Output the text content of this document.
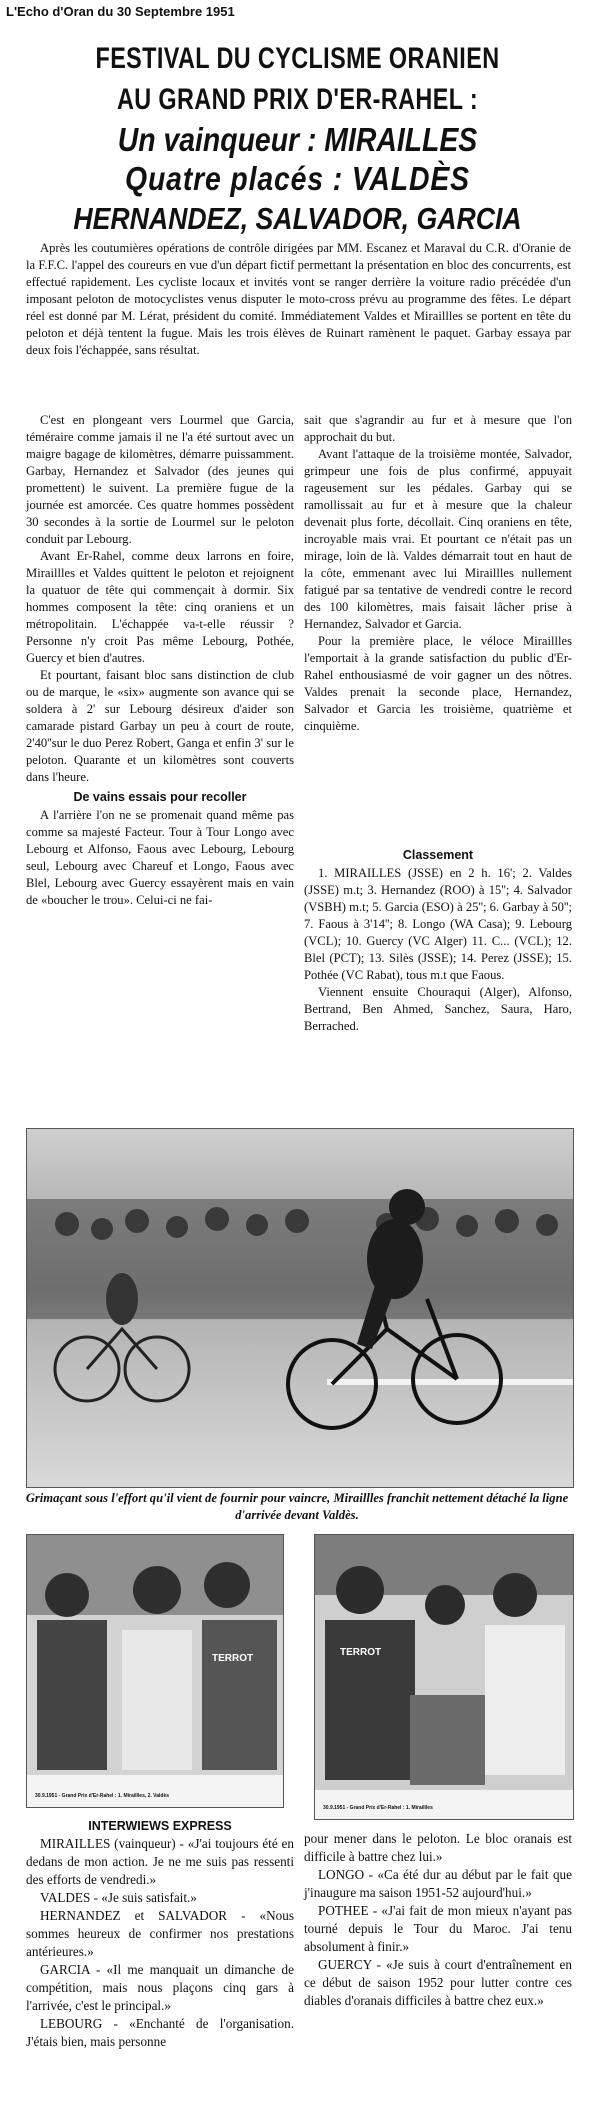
L'Echo d'Oran du 30 Septembre 1951
FESTIVAL DU CYCLISME ORANIEN
AU GRAND PRIX D'ER-RAHEL :
Un vainqueur : MIRAILLES
Quatre placés : VALDÈS
HERNANDEZ, SALVADOR, GARCIA

Après les coutumières opérations de contrôle dirigées par MM. Escanez et Maraval du C.R. d'Oranie de la F.F.C. l'appel des coureurs en vue d'un départ fictif permettant la présentation en bloc des concurrents, est effectué rapidement. Les cycliste locaux et invités vont se ranger derrière la voiture radio précédée d'un imposant peloton de motocyclistes venus disputer le moto-cross prévu au programme des fêtes. Le départ réel est donné par M. Lérat, président du comité. Immédiatement Valdes et Miraillles se portent en tête du peloton et déjà tentent la fugue. Mais les trois élèves de Ruinart ramènent le paquet. Garbay essaya par deux fois l'échappée, sans résultat.

C'est en plongeant vers Lourmel que Garcia, téméraire comme jamais il ne l'a été surtout avec un maigre bagage de kilomètres, démarre puissamment. Garbay, Hernandez et Salvador (des jeunes qui promettent) le suivent. La première fugue de la journée est amorcée. Ces quatre hommes possèdent 30 secondes à la sortie de Lourmel sur le peloton conduit par Lebourg.

Avant Er-Rahel, comme deux larrons en foire, Miraillles et Valdes quittent le peloton et rejoignent la quatuor de tête qui commençait à dormir. Six hommes composent la tête: cinq oraniens et un métropolitain. L'échappée va-t-elle réussir ? Personne n'y croit Pas même Lebourg, Pothée, Guercy et bien d'autres.

Et pourtant, faisant bloc sans distinction de club ou de marque, le «six» augmente son avance qui se soldera à 2' sur Lebourg désireux d'aider son camarade pistard Garbay un peu à court de route, 2'40''sur le duo Perez Robert, Ganga et enfin 3' sur le peloton. Quarante et un kilomètres sont couverts dans l'heure.

De vains essais pour recoller

A l'arrière l'on ne se promenait quand même pas comme sa majesté Facteur. Tour à Tour Longo avec Lebourg et Alfonso, Faous avec Lebourg, Lebourg seul, Lebourg avec Chareuf et Longo, Faous avec Blel, Lebourg avec Guercy essayèrent mais en vain de «boucher le trou». Celui-ci ne fai-

sait que s'agrandir au fur et à mesure que l'on approchait du but.

Avant l'attaque de la troisième montée, Salvador, grimpeur une fois de plus confirmé, appuyait rageusement sur les pédales. Garbay qui se ramollissait au fur et à mesure que la chaleur devenait plus forte, décollait. Cinq oraniens en tête, incroyable mais vrai. Et pourtant ce n'était pas un mirage, loin de là. Valdes démarrait tout en haut de la côte, emmenant avec lui Miraillles nullement fatigué par sa tentative de vendredi contre le record des 100 kilomètres, mais faisait lâcher prise à Hernandez, Salvador et Garcia.

Pour la première place, le véloce Miraillles l'emportait à la grande satisfaction du public d'Er-Rahel enthousiasmé de voir gagner un des nôtres. Valdes prenait la seconde place, Hernandez, Salvador et Garcia les troisième, quatrième et cinquième.

Classement

1. MIRAILLES (JSSE) en 2 h. 16'; 2. Valdes (JSSE) m.t; 3. Hernandez (ROO) à 15''; 4. Salvador (VSBH) m.t; 5. Garcia (ESO) à 25''; 6. Garbay à 50''; 7. Faous à 3'14''; 8. Longo (WA Casa); 9. Lebourg (VCL); 10. Guercy (VC Alger) 11. C... (VCL); 12. Blel (PCT); 13. Silès (JSSE); 14. Perez (JSSE); 15. Pothée (VC Rabat), tous m.t que Faous.

Viennent ensuite Chouraqui (Alger), Alfonso, Bertrand, Ben Ahmed, Sanchez, Saura, Haro, Berrached.

Grimaçant sous l'effort qu'il vient de fournir pour vaincre, Miraillles franchit nettement détaché la ligne d'arrivée devant Valdès.
30.9.1951 - Grand Prix d'Er-Rahel : 1. Miraillles, 2. Valdès
TERROT
30.9.1951 - Grand Prix d'Er-Rahel : 1. Miraillles
TERROT
INTERWIEWS EXPRESS

MIRAILLES (vainqueur) - «J'ai toujours été en dedans de mon action. Je ne me suis pas ressenti des efforts de vendredi.»

VALDES - «Je suis satisfait.»

HERNANDEZ et SALVADOR - «Nous sommes heureux de confirmer nos prestations antérieures.»

GARCIA - «Il me manquait un dimanche de compétition, mais nous plaçons cinq gars à l'arrivée, c'est le principal.»

LEBOURG - «Enchanté de l'organisation. J'étais bien, mais personne

pour mener dans le peloton. Le bloc oranais est difficile à battre chez lui.»

LONGO - «Ca été dur au début par le fait que j'inaugure ma saison 1951-52 aujourd'hui.»

POTHEE - «J'ai fait de mon mieux n'ayant pas tourné depuis le Tour du Maroc. J'ai tenu absolument à finir.»

GUERCY - «Je suis à court d'entraînement en ce début de saison 1952 pour lutter contre ces diables d'oranais difficiles à battre chez eux.»
